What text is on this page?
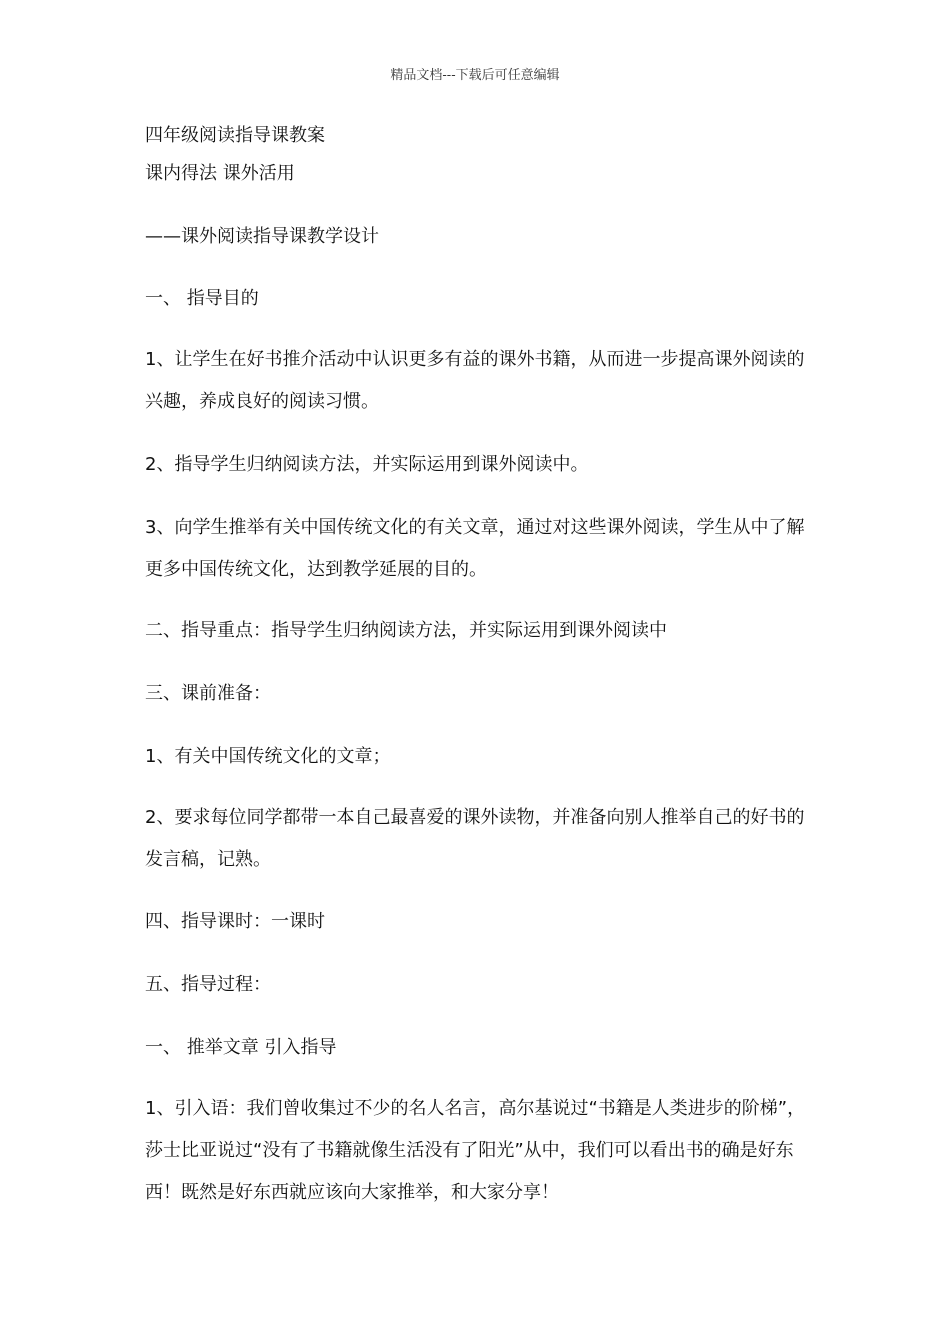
精品文档---下载后可任意编辑
四年级阅读指导课教案
课内得法 课外活用
——课外阅读指导课教学设计
一、 指导目的
1、让学生在好书推介活动中认识更多有益的课外书籍，从而进一步提高课外阅读的兴趣，养成良好的阅读习惯。
2、指导学生归纳阅读方法，并实际运用到课外阅读中。
3、向学生推举有关中国传统文化的有关文章，通过对这些课外阅读，学生从中了解更多中国传统文化，达到教学延展的目的。
二、指导重点：指导学生归纳阅读方法，并实际运用到课外阅读中
三、课前准备：
1、有关中国传统文化的文章；
2、要求每位同学都带一本自己最喜爱的课外读物，并准备向别人推举自己的好书的发言稿，记熟。
四、指导课时：一课时
五、指导过程：
一、 推举文章 引入指导
1、引入语：我们曾收集过不少的名人名言，高尔基说过“书籍是人类进步的阶梯”，莎士比亚说过“没有了书籍就像生活没有了阳光”从中，我们可以看出书的确是好东西！既然是好东西就应该向大家推举，和大家分享！
